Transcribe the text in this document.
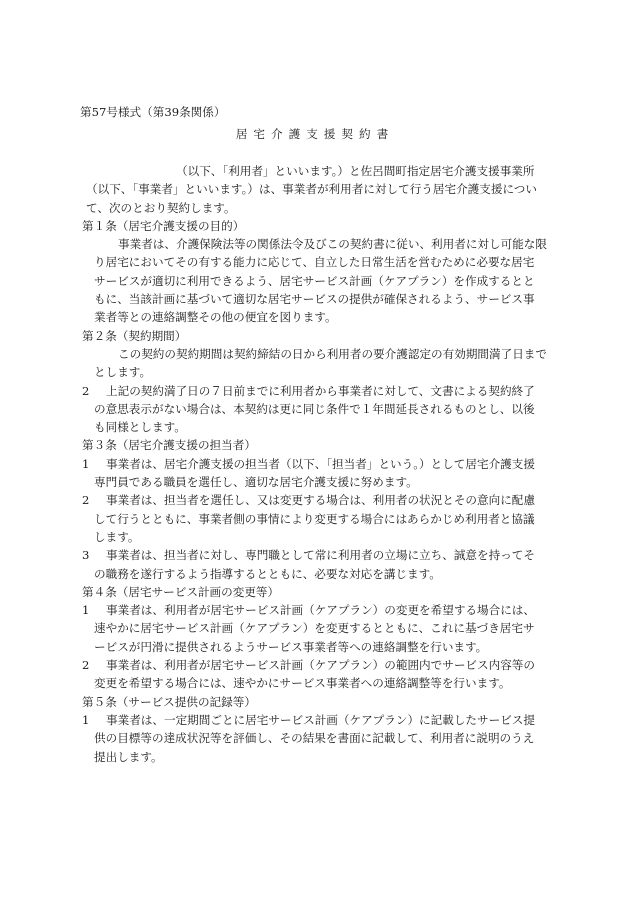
第57号様式（第39条関係）
居宅介護支援契約書
（以下、「利用者」といいます。）と佐呂間町指定居宅介護支援事業所
（以下、「事業者」といいます。）は、事業者が利用者に対して行う居宅介護支援につい
て、次のとおり契約します。
第１条（居宅介護支援の目的）
事業者は、介護保険法等の関係法令及びこの契約書に従い、利用者に対し可能な限
り居宅においてその有する能力に応じて、自立した日常生活を営むために必要な居宅
サービスが適切に利用できるよう、居宅サービス計画（ケアプラン）を作成するとと
もに、当該計画に基づいて適切な居宅サービスの提供が確保されるよう、サービス事
業者等との連絡調整その他の便宜を図ります。
第２条（契約期間）
この契約の契約期間は契約締結の日から利用者の要介護認定の有効期間満了日まで
とします。
2 上記の契約満了日の７日前までに利用者から事業者に対して、文書による契約終了
の意思表示がない場合は、本契約は更に同じ条件で１年間延長されるものとし、以後
も同様とします。
第３条（居宅介護支援の担当者）
1 事業者は、居宅介護支援の担当者（以下、「担当者」という。）として居宅介護支援
専門員である職員を選任し、適切な居宅介護支援に努めます。
2 事業者は、担当者を選任し、又は変更する場合は、利用者の状況とその意向に配慮
して行うとともに、事業者側の事情により変更する場合にはあらかじめ利用者と協議
します。
3 事業者は、担当者に対し、専門職として常に利用者の立場に立ち、誠意を持ってそ
の職務を遂行するよう指導するとともに、必要な対応を講じます。
第４条（居宅サービス計画の変更等）
1 事業者は、利用者が居宅サービス計画（ケアプラン）の変更を希望する場合には、
速やかに居宅サービス計画（ケアプラン）を変更するとともに、これに基づき居宅サ
ービスが円滑に提供されるようサービス事業者等への連絡調整を行います。
2 事業者は、利用者が居宅サービス計画（ケアプラン）の範囲内でサービス内容等の
変更を希望する場合には、速やかにサービス事業者への連絡調整等を行います。
第５条（サービス提供の記録等）
1 事業者は、一定期間ごとに居宅サービス計画（ケアプラン）に記載したサービス提
供の目標等の達成状況等を評価し、その結果を書面に記載して、利用者に説明のうえ
提出します。
